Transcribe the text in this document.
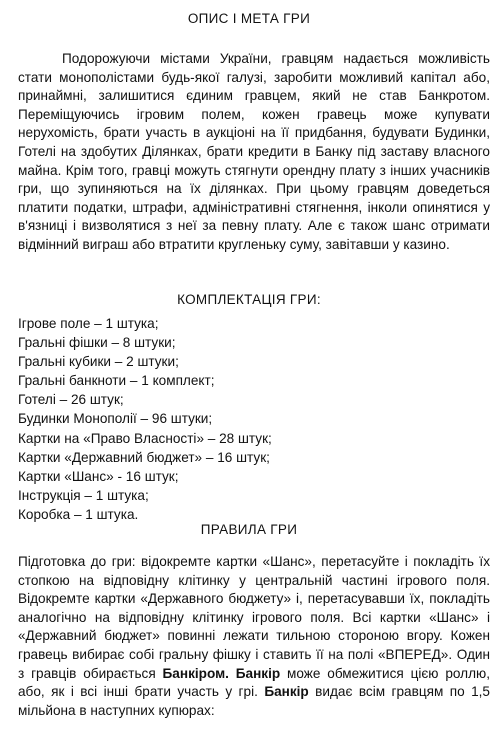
ОПИС І МЕТА ГРИ

Подорожуючи містами України, гравцям надається можливість стати монополістами будь-якої галузі, заробити можливий капітал або, принаймні, залишитися єдиним гравцем, який не став Банкротом. Переміщуючись ігровим полем, кожен гравець може купувати нерухомість, брати участь в аукціоні на її придбання, будувати Будинки, Готелі на здобутих Ділянках, брати кредити в Банку під заставу власного майна. Крім того, гравці можуть стягнути орендну плату з інших учасників гри, що зупиняються на їх ділянках. При цьому гравцям доведеться платити податки, штрафи, адміністративні стягнення, інколи опинятися у в'язниці і визволятися з неї за певну плату. Але є також шанс отримати відмінний виграш або втратити кругленьку суму, завітавши у казино.

КОМПЛЕКТАЦІЯ ГРИ:
Ігрове поле – 1 штука;
Гральні фішки – 8 штуки;
Гральні кубики – 2 штуки;
Гральні банкноти – 1 комплект;
Готелі – 26 штук;
Будинки Монополії – 96 штуки;
Картки на «Право Власності» – 28 штук;
Картки «Державний бюджет» – 16 штук;
Картки «Шанс» - 16 штук;
Інструкція – 1 штука;
Коробка – 1 штука.
ПРАВИЛА ГРИ

Підготовка до гри: відокремте картки «Шанс», перетасуйте і покладіть їх стопкою на відповідну клітинку у центральній частині ігрового поля. Відокремте картки «Державного бюджету» і, перетасувавши їх, покладіть аналогічно на відповідну клітинку ігрового поля. Всі картки «Шанс» і «Державний бюджет» повинні лежати тильною стороною вгору. Кожен гравець вибирає собі гральну фішку і ставить її на полі «ВПЕРЕД». Один з гравців обирається Банкіром. Банкір може обмежитися цією роллю, або, як і всі інші брати участь у грі. Банкір видає всім гравцям по 1,5 мільйона в наступних купюрах:
